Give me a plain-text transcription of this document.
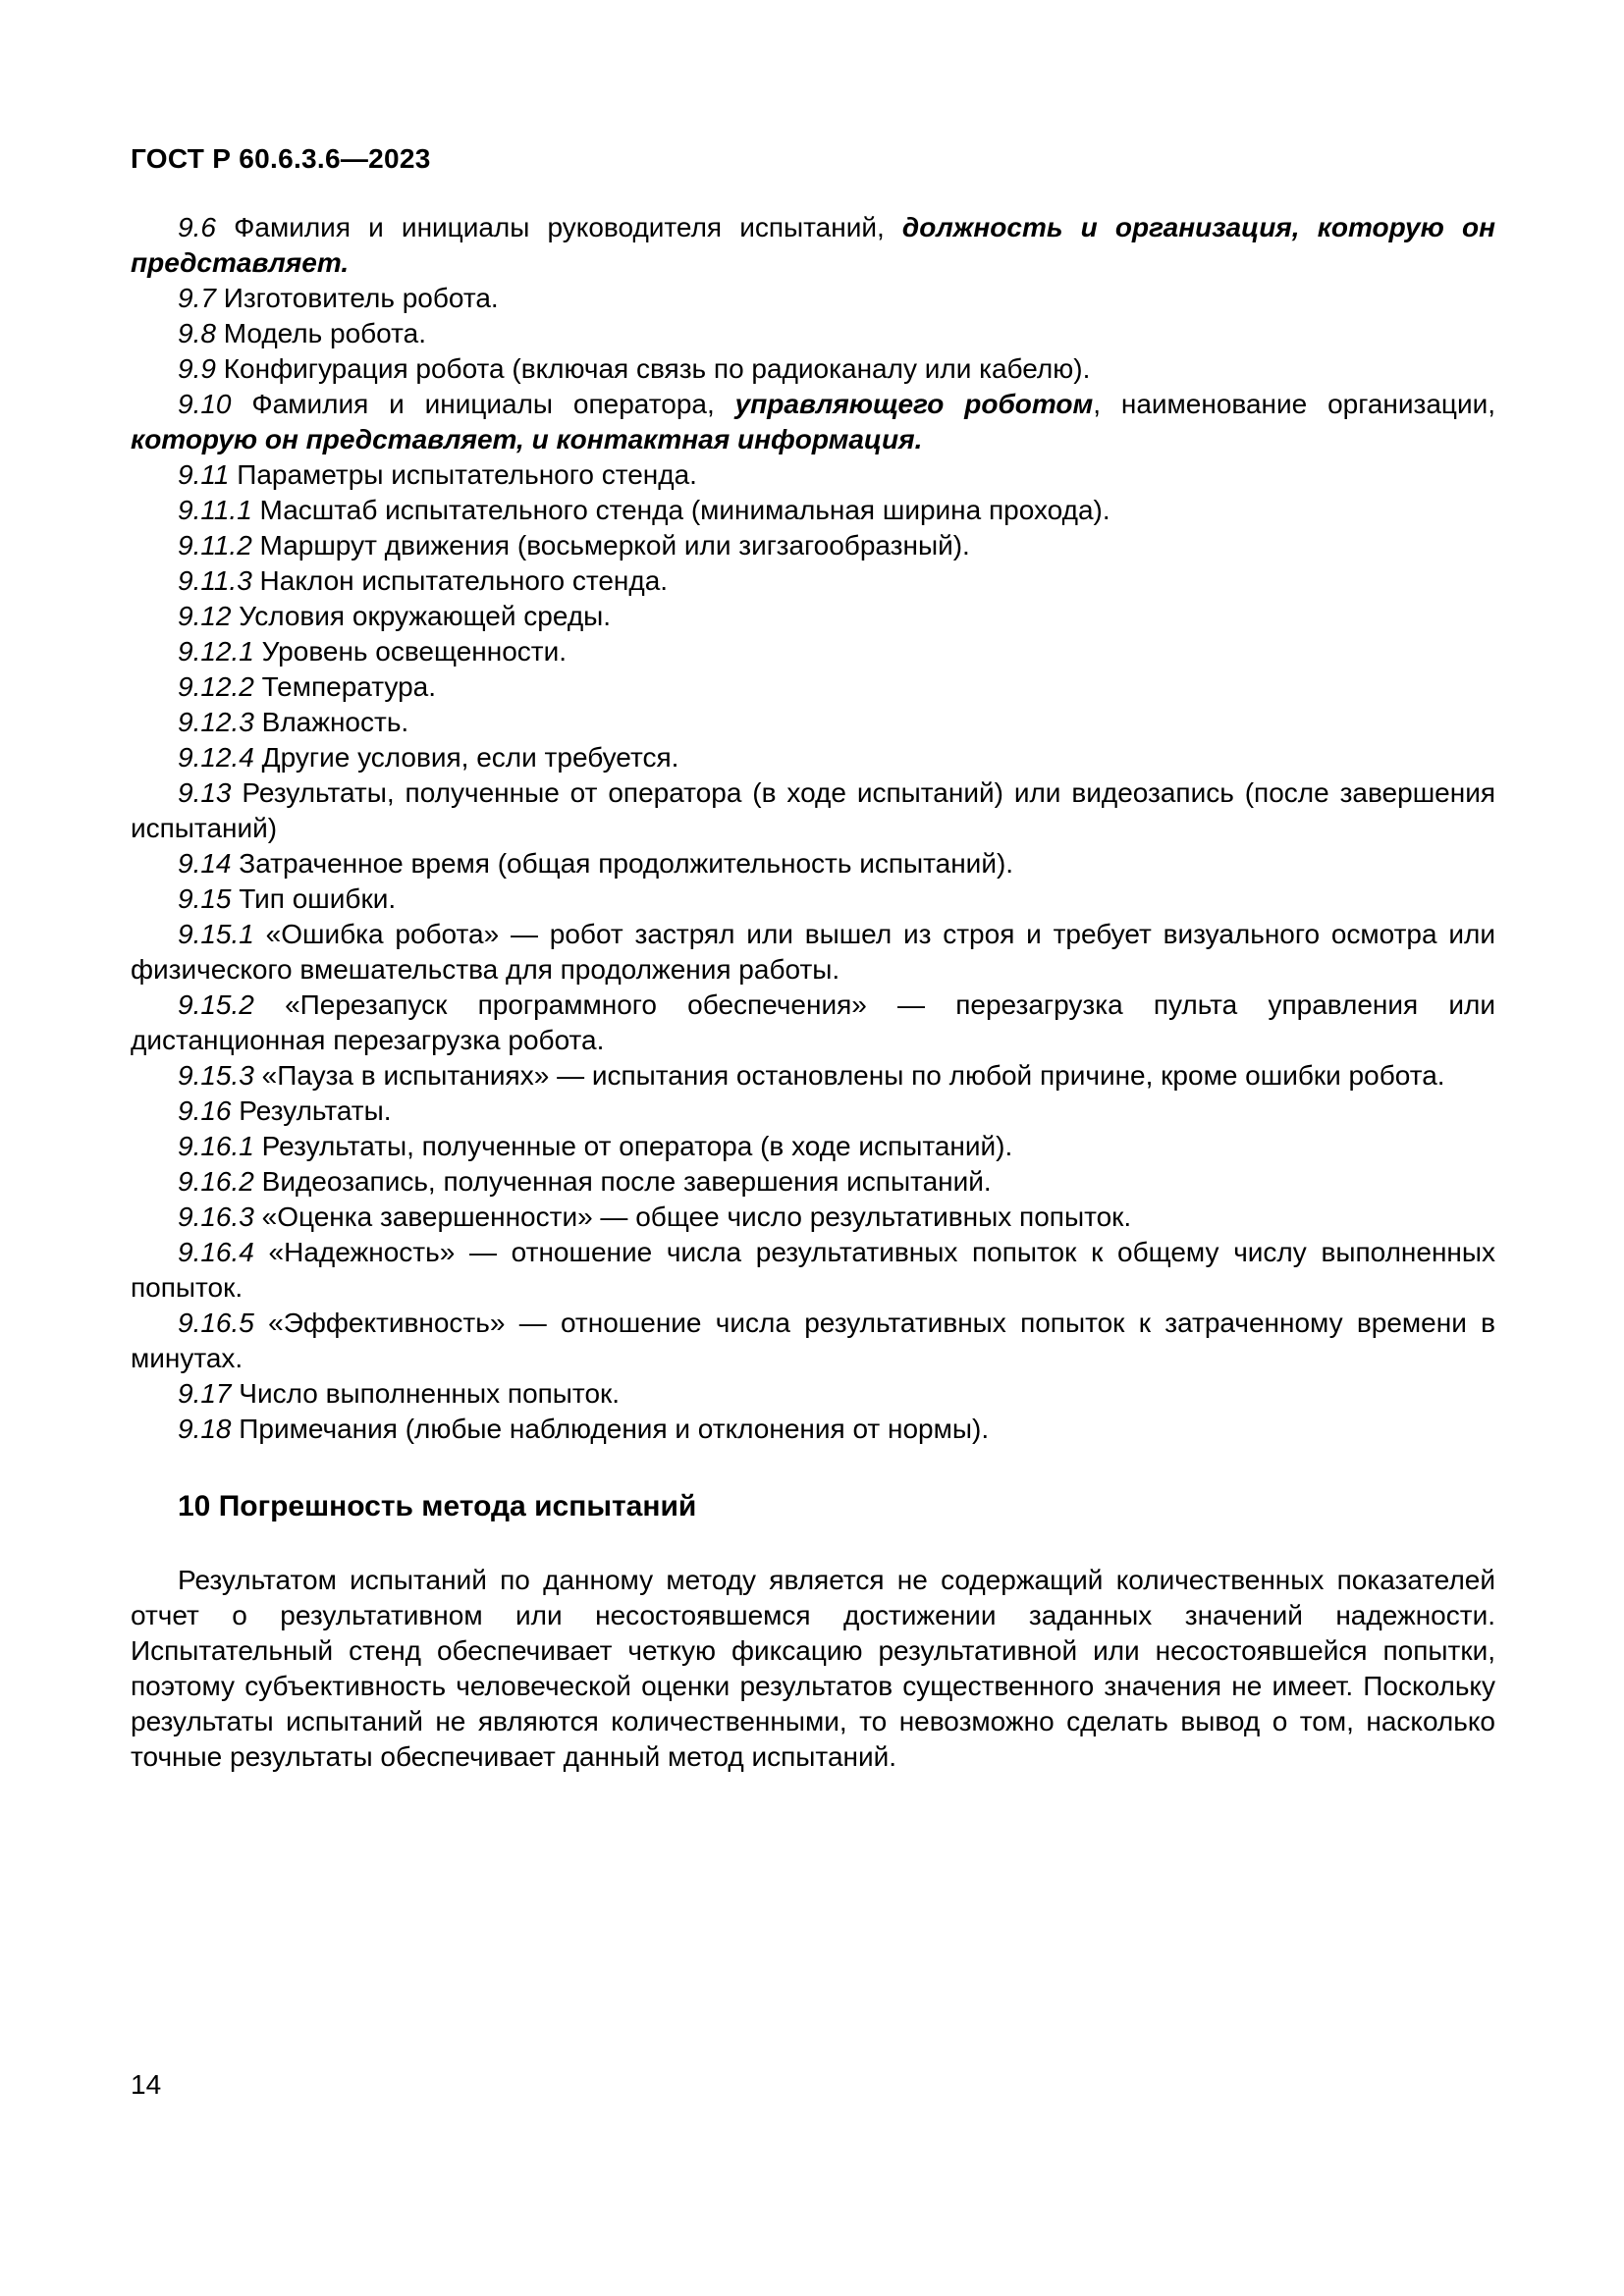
ГОСТ Р 60.6.3.6—2023

9.6 Фамилия и инициалы руководителя испытаний, должность и организация, которую он представляет.

9.7 Изготовитель робота.

9.8 Модель робота.

9.9 Конфигурация робота (включая связь по радиоканалу или кабелю).

9.10 Фамилия и инициалы оператора, управляющего роботом, наименование организации, которую он представляет, и контактная информация.

9.11 Параметры испытательного стенда.

9.11.1 Масштаб испытательного стенда (минимальная ширина прохода).

9.11.2 Маршрут движения (восьмеркой или зигзагообразный).

9.11.3 Наклон испытательного стенда.

9.12 Условия окружающей среды.

9.12.1 Уровень освещенности.

9.12.2 Температура.

9.12.3 Влажность.

9.12.4 Другие условия, если требуется.

9.13 Результаты, полученные от оператора (в ходе испытаний) или видеозапись (после завершения испытаний)

9.14 Затраченное время (общая продолжительность испытаний).

9.15 Тип ошибки.

9.15.1 «Ошибка робота» — робот застрял или вышел из строя и требует визуального осмотра или физического вмешательства для продолжения работы.

9.15.2 «Перезапуск программного обеспечения» — перезагрузка пульта управления или дистанционная перезагрузка робота.

9.15.3 «Пауза в испытаниях» — испытания остановлены по любой причине, кроме ошибки робота.

9.16 Результаты.

9.16.1 Результаты, полученные от оператора (в ходе испытаний).

9.16.2 Видеозапись, полученная после завершения испытаний.

9.16.3 «Оценка завершенности» — общее число результативных попыток.

9.16.4 «Надежность» — отношение числа результативных попыток к общему числу выполненных попыток.

9.16.5 «Эффективность» — отношение числа результативных попыток к затраченному времени в минутах.

9.17 Число выполненных попыток.

9.18 Примечания (любые наблюдения и отклонения от нормы).

10 Погрешность метода испытаний

Результатом испытаний по данному методу является не содержащий количественных показателей отчет о результативном или несостоявшемся достижении заданных значений надежности. Испытательный стенд обеспечивает четкую фиксацию результативной или несостоявшейся попытки, поэтому субъективность человеческой оценки результатов существенного значения не имеет. Поскольку результаты испытаний не являются количественными, то невозможно сделать вывод о том, насколько точные результаты обеспечивает данный метод испытаний.

14
